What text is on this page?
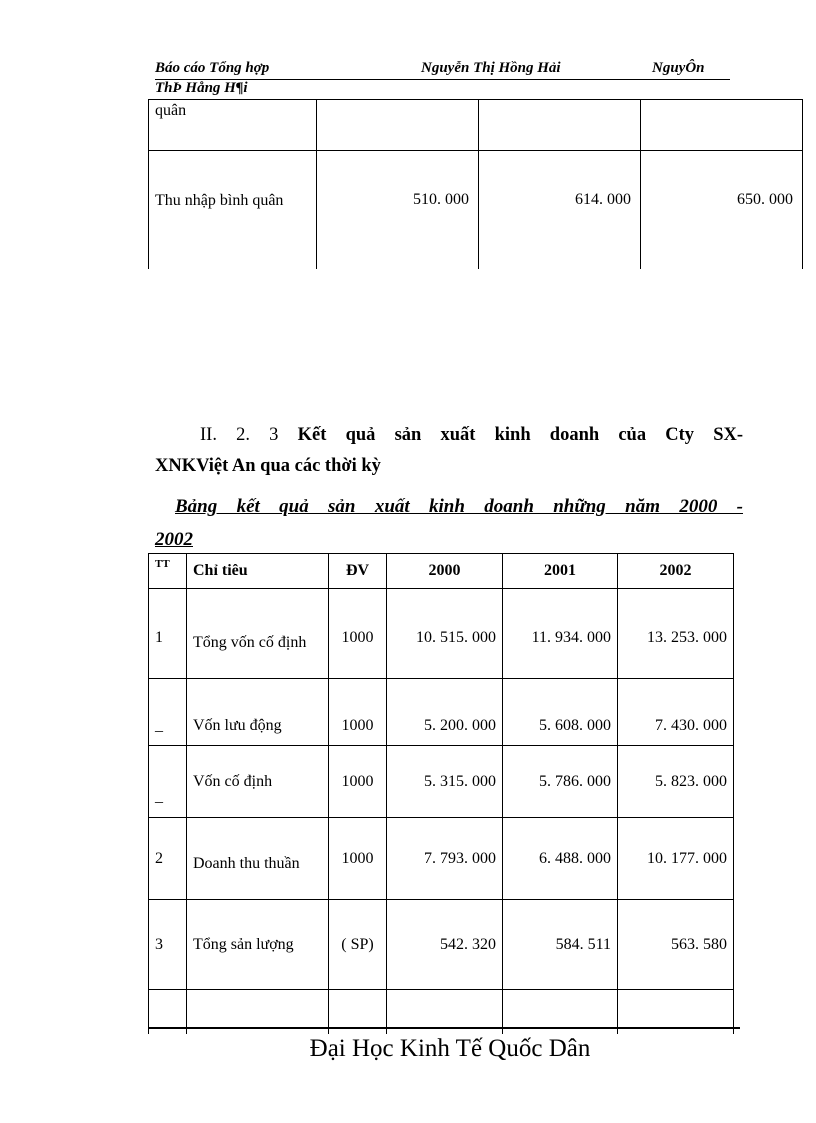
Báo cáo Tổng hợp	Nguyễn Thị Hồng Hải	NguyÔn
ThÞ Hång H¶i
quân			
Thu nhập bình quân	510. 000	614. 000	650. 000
II. 2. 3 Kết quả sản xuất kinh doanh của Cty SX-
XNKViệt An qua các thời kỳ
Bảng kết quả sản xuất kinh doanh những năm 2000 -
2002
TT	Chỉ tiêu	ĐV	2000	2001	2002
1	Tổng vốn cố định	1000	10. 515. 000	11. 934. 000	13. 253. 000
_	Vốn lưu động	1000	5. 200. 000	5. 608. 000	7. 430. 000
_	Vốn cố định	1000	5. 315. 000	5. 786. 000	5. 823. 000
2	Doanh thu thuần	1000	7. 793. 000	6. 488. 000	10. 177. 000
3	Tổng sản lượng	( SP)	542. 320	584. 511	563. 580

Đại Học Kinh Tế Quốc Dân
